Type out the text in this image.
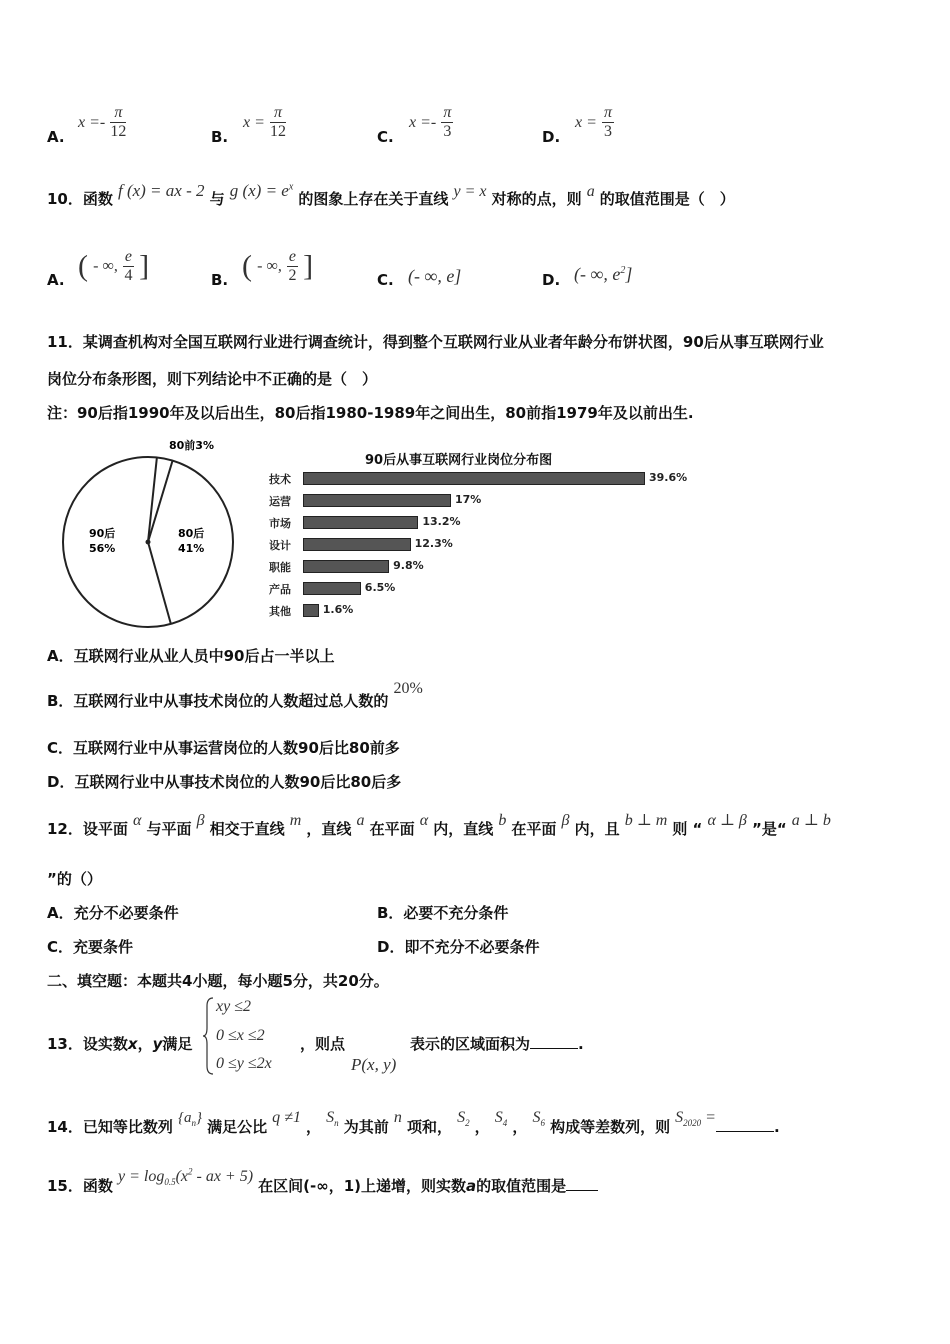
A.
$x =- \frac{\pi}{12}$	B.
$x = \frac{\pi}{12}$	C.
$x =- \frac{\pi}{3}$	D.
$x = \frac{\pi}{3}$
10．函数 f (x) = ax - 2 与 g $(x) = e^x$ 的图象上存在关于直线 y = x 对称的点，则 a 的取值范围是（　）
A. ( - ∞, $\frac{e}{4}$ ]	B. ( - ∞, $\frac{e}{2}$ ]	C. (- ∞, e]	D. (- ∞, $e^2$]
11．某调查机构对全国互联网行业进行调查统计，得到整个互联网行业从业者年龄分布饼状图，90后从事互联网行业
岗位分布条形图，则下列结论中不正确的是（　）
注：90后指1990年及以后出生，80后指1980-1989年之间出生，80前指1979年及以前出生.
90后
56%
80后
41%
80前3%
90后从事互联网行业岗位分布图
技术	39.6%
运营	17%
市场	13.2%
设计	12.3%
职能	9.8%
产品	6.5%
其他	1.6%
A．互联网行业从业人员中90后占一半以上
B．互联网行业中从事技术岗位的人数超过总人数的 20%
C．互联网行业中从事运营岗位的人数90后比80前多
D．互联网行业中从事技术岗位的人数90后比80后多
12．设平面 α 与平面 β 相交于直线 m ，直线 a 在平面 α 内，直线 b 在平面 β 内，且 b ⊥ m 则 “ α ⊥ β ”是“ a ⊥ b
”的（）
A．充分不必要条件	B．必要不充分条件
C．充要条件	D．即不充分不必要条件
二、填空题：本题共4小题，每小题5分，共20分。
13．设实数x，y满足
xy ≤2
0 ≤x ≤2
0 ≤y ≤2x
，则点
P(x, y)
表示的区域面积为	.
14．已知等比数列 $\{a_n\}$ 满足公比 q ≠1 ， $S_n$ 为其前 n 项和， $S_2$ ， $S_4$ ， $S_6$ 构成等差数列，则 $S_{2020}$ =.
15．函数 $y = \log_{0.5}(x^2$ - ax + 5) 在区间(-∞，1)上递增，则实数a的取值范围是
